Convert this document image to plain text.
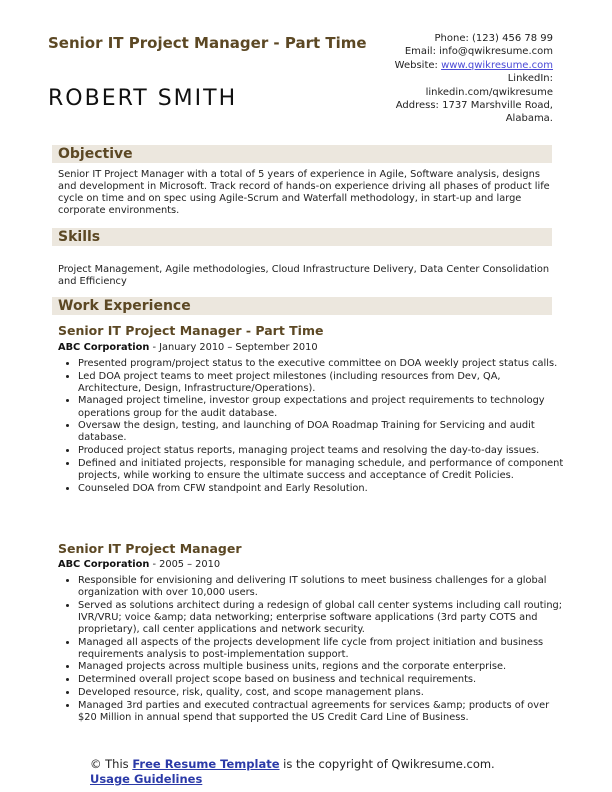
Senior IT Project Manager - Part Time
ROBERT SMITH
Phone: (123) 456 78 99
Email: info@qwikresume.com
Website: www.qwikresume.com
LinkedIn:
linkedin.com/qwikresume
Address: 1737 Marshville Road,
Alabama.
Objective
Senior IT Project Manager with a total of 5 years of experience in Agile, Software analysis, designs and development in Microsoft. Track record of hands-on experience driving all phases of product life cycle on time and on spec using Agile-Scrum and Waterfall methodology, in start-up and large corporate environments.
Skills
Project Management, Agile methodologies, Cloud Infrastructure Delivery, Data Center Consolidation and Efficiency
Work Experience
Senior IT Project Manager - Part Time
ABC Corporation - January 2010 – September 2010
• Presented program/project status to the executive committee on DOA weekly project status calls.
• Led DOA project teams to meet project milestones (including resources from Dev, QA, Architecture, Design, Infrastructure/Operations).
• Managed project timeline, investor group expectations and project requirements to technology operations group for the audit database.
• Oversaw the design, testing, and launching of DOA Roadmap Training for Servicing and audit database.
• Produced project status reports, managing project teams and resolving the day-to-day issues.
• Defined and initiated projects, responsible for managing schedule, and performance of component projects, while working to ensure the ultimate success and acceptance of Credit Policies.
• Counseled DOA from CFW standpoint and Early Resolution.
Senior IT Project Manager
ABC Corporation - 2005 – 2010
• Responsible for envisioning and delivering IT solutions to meet business challenges for a global organization with over 10,000 users.
• Served as solutions architect during a redesign of global call center systems including call routing; IVR/VRU; voice &amp; data networking; enterprise software applications (3rd party COTS and proprietary), call center applications and network security.
• Managed all aspects of the projects development life cycle from project initiation and business requirements analysis to post-implementation support.
• Managed projects across multiple business units, regions and the corporate enterprise.
• Determined overall project scope based on business and technical requirements.
• Developed resource, risk, quality, cost, and scope management plans.
• Managed 3rd parties and executed contractual agreements for services &amp; products of over $20 Million in annual spend that supported the US Credit Card Line of Business.
© This Free Resume Template is the copyright of Qwikresume.com. Usage Guidelines
